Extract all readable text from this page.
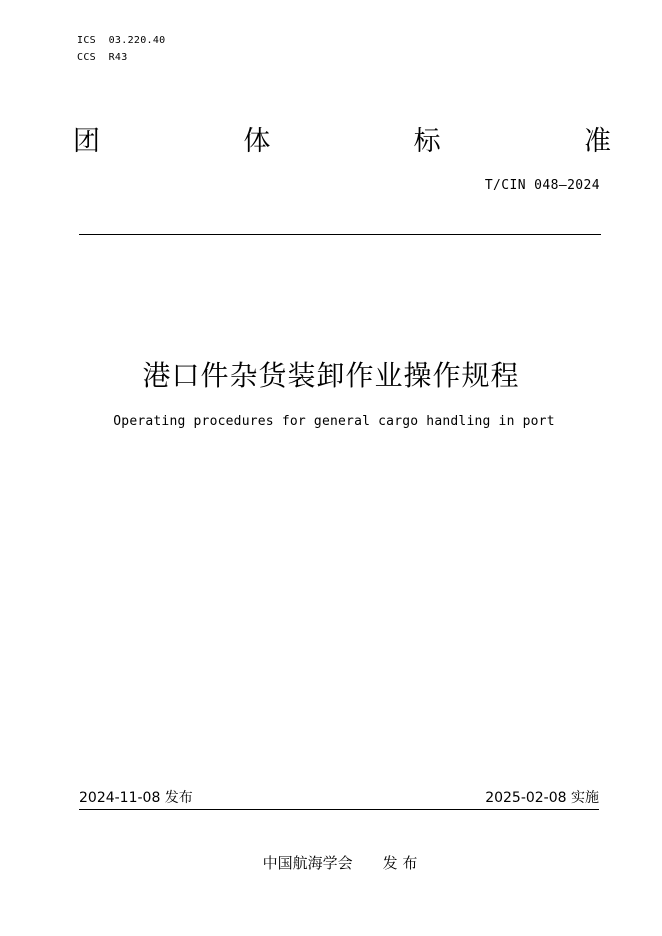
ICS  03.220.40
CCS  R43
团	体	标	准
T/CIN 048—2024
港口件杂货装卸作业操作规程
Operating procedures for general cargo handling in port
2024-11-08 发布	2025-02-08 实施
中国航海学会 发 布
